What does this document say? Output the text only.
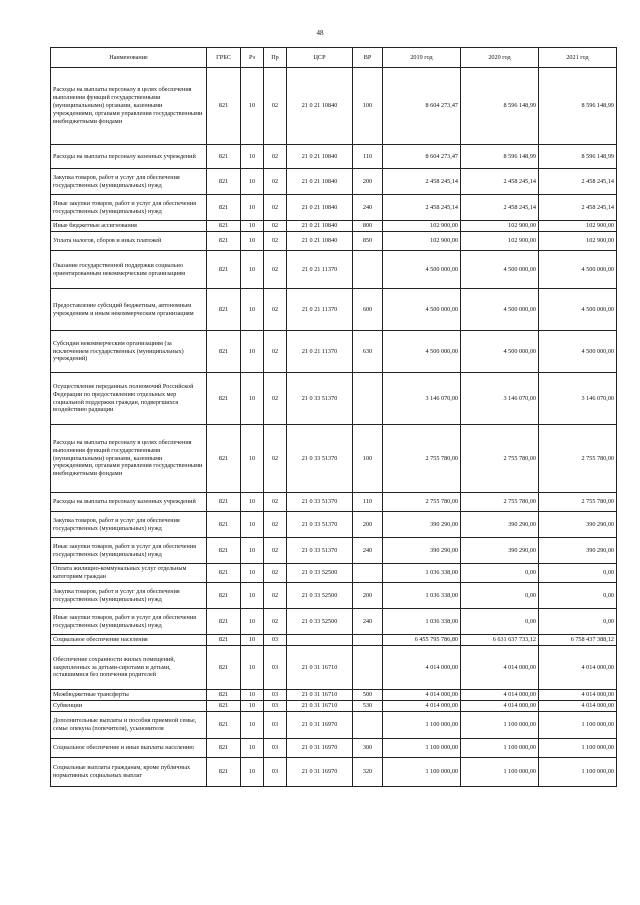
48
Наименование	ГРБС	Рз	Пр	ЦСР	ВР	2019 год	2020 год	2021 год
Расходы на выплаты персоналу в целях обеспечения выполнения функций государственными (муниципальными) органами, казенными учреждениями, органами управления государственными внебюджетными фондами	821	10	02	21 0 21 10840	100	8 604 273,47	8 596 148,99	8 596 148,99
Расходы на выплаты персоналу казенных учреждений	821	10	02	21 0 21 10840	110	8 604 273,47	8 596 148,99	8 596 148,99
Закупка товаров, работ и услуг для обеспечения государственных (муниципальных) нужд	821	10	02	21 0 21 10840	200	2 458 245,14	2 458 245,14	2 458 245,14
Иные закупки товаров, работ и услуг для обеспечения государственных (муниципальных) нужд	821	10	02	21 0 21 10840	240	2 458 245,14	2 458 245,14	2 458 245,14
Иные бюджетные ассигнования	821	10	02	21 0 21 10840	800	102 900,00	102 900,00	102 900,00
Уплата налогов, сборов и иных платежей	821	10	02	21 0 21 10840	850	102 900,00	102 900,00	102 900,00
Оказание государственной поддержки социально ориентированным некоммерческим организациям	821	10	02	21 0 21 11370		4 500 000,00	4 500 000,00	4 500 000,00
Предоставление субсидий бюджетным, автономным учреждениям и иным некоммерческим организациям	821	10	02	21 0 21 11370	600	4 500 000,00	4 500 000,00	4 500 000,00
Субсидии некоммерческим организациям (за исключением государственных (муниципальных) учреждений)	821	10	02	21 0 21 11370	630	4 500 000,00	4 500 000,00	4 500 000,00
Осуществление переданных полномочий Российской Федерации по предоставлению отдельных мер социальной поддержки граждан, подвергшихся воздействию радиации	821	10	02	21 0 33 51370		3 146 070,00	3 146 070,00	3 146 070,00
Расходы на выплаты персоналу в целях обеспечения выполнения функций государственными (муниципальными) органами, казенными учреждениями, органами управления государственными внебюджетными фондами	821	10	02	21 0 33 51370	100	2 755 780,00	2 755 780,00	2 755 780,00
Расходы на выплаты персоналу казенных учреждений	821	10	02	21 0 33 51370	110	2 755 780,00	2 755 780,00	2 755 780,00
Закупка товаров, работ и услуг для обеспечения государственных (муниципальных) нужд	821	10	02	21 0 33 51370	200	390 290,00	390 290,00	390 290,00
Иные закупки товаров, работ и услуг для обеспечения государственных (муниципальных) нужд	821	10	02	21 0 33 51370	240	390 290,00	390 290,00	390 290,00
Оплата жилищно-коммунальных услуг отдельным категориям граждан	821	10	02	21 0 33 52500		1 036 338,00	0,00	0,00
Закупка товаров, работ и услуг для обеспечения государственных (муниципальных) нужд	821	10	02	21 0 33 52500	200	1 036 338,00	0,00	0,00
Иные закупки товаров, работ и услуг для обеспечения государственных (муниципальных) нужд	821	10	02	21 0 33 52500	240	1 036 338,00	0,00	0,00
Социальное обеспечение населения	821	10	03			6 455 795 786,80	6 631 637 733,12	6 758 437 388,12
Обеспечение сохранности жилых помещений, закрепленных за детьми-сиротами и детьми, оставшимися без попечения родителей	821	10	03	21 0 31 16710		4 014 000,00	4 014 000,00	4 014 000,00
Межбюджетные трансферты	821	10	03	21 0 31 16710	500	4 014 000,00	4 014 000,00	4 014 000,00
Субвенции	821	10	03	21 0 31 16710	530	4 014 000,00	4 014 000,00	4 014 000,00
Дополнительные выплаты и пособия приемной семье, семье опекуна (попечителя), усыновителя	821	10	03	21 0 31 16970		1 100 000,00	1 100 000,00	1 100 000,00
Социальное обеспечение и иные выплаты населению	821	10	03	21 0 31 16970	300	1 100 000,00	1 100 000,00	1 100 000,00
Социальные выплаты гражданам, кроме публичных нормативных социальных выплат	821	10	03	21 0 31 16970	320	1 100 000,00	1 100 000,00	1 100 000,00
